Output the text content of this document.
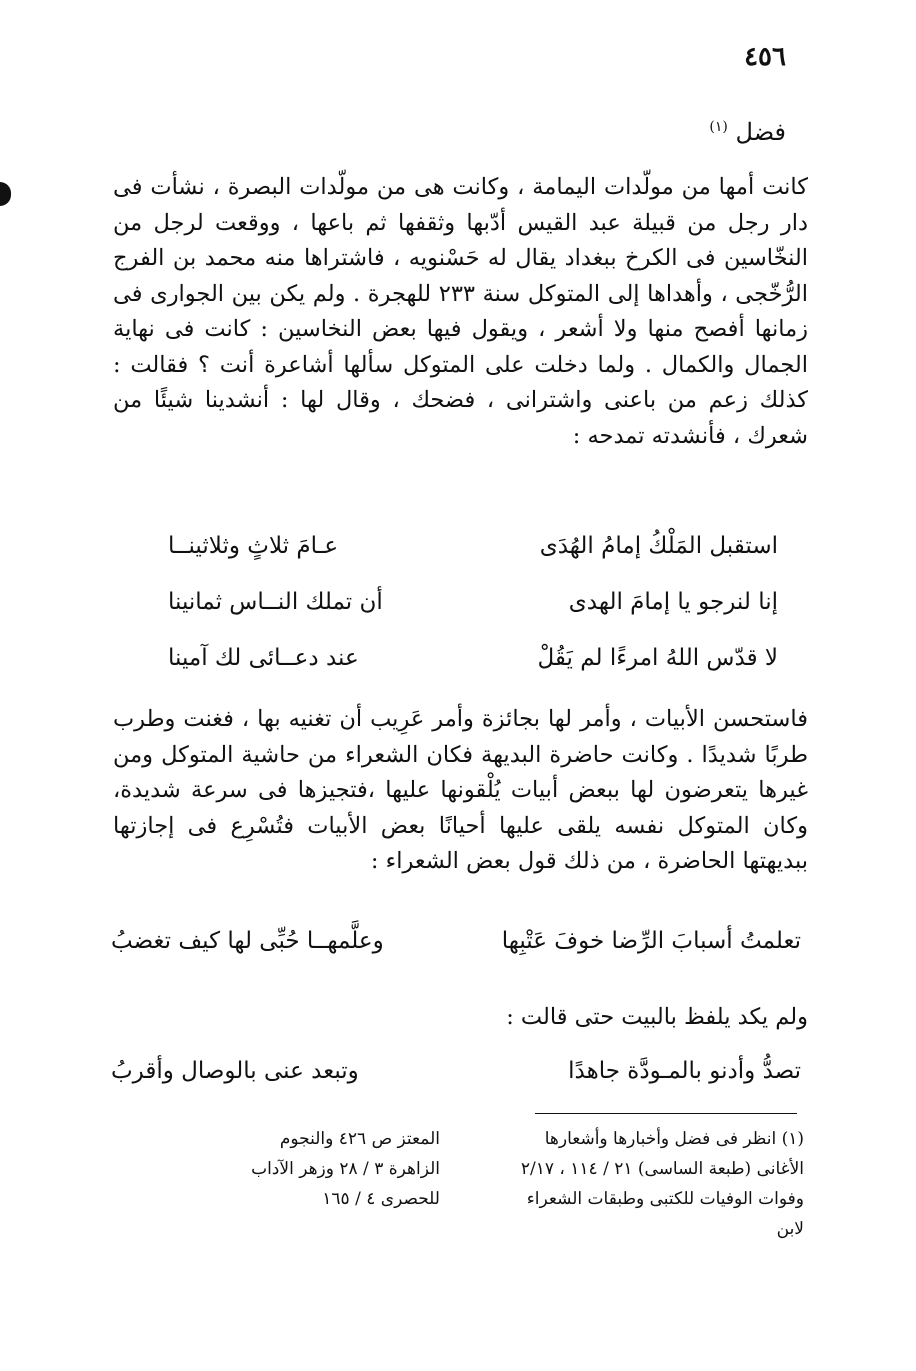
٤٥٦
فضل $^{(١)}$

كانت أمها من مولّدات اليمامة ، وكانت هى من مولّدات البصرة ، نشأت فى دار رجل من قبيلة عبد القيس أدّبها وثقفها ثم باعها ، ووقعت لرجل من النخّاسين فى الكرخ ببغداد يقال له حَسْنويه ، فاشتراها منه محمد بن الفرج الرُّخّجى ، وأهداها إلى المتوكل سنة ٢٣٣ للهجرة . ولم يكن بين الجوارى فى زمانها أفصح منها ولا أشعر ، ويقول فيها بعض النخاسين : كانت فى نهاية الجمال والكمال . ولما دخلت على المتوكل سألها أشاعرة أنت ؟ فقالت : كذلك زعم من باعنى واشترانى ، فضحك ، وقال لها : أنشدينا شيئًا من شعرك ، فأنشدته تمدحه :

استقبل المَلْكُ إمامُ الهُدَى
عـامَ ثلاثٍ وثلاثينــا
إنا لنرجو يا إمامَ الهدى
أن تملك النــاس ثمانينا
لا قدّس اللهُ امرءًا لم يَقُلْ
عند دعــائى لك آمينا

فاستحسن الأبيات ، وأمر لها بجائزة وأمر عَرِيب أن تغنيه بها ، فغنت وطرب طربًا شديدًا . وكانت حاضرة البديهة فكان الشعراء من حاشية المتوكل ومن غيرها يتعرضون لها ببعض أبيات يُلْقونها عليها ،فتجيزها فى سرعة شديدة، وكان المتوكل نفسه يلقى عليها أحيانًا بعض الأبيات فتُسْرِع فى إجازتها ببديهتها الحاضرة ، من ذلك قول بعض الشعراء :

تعلمتُ أسبابَ الرِّضا خوفَ عَتْبِها
وعلَّمهــا حُبِّى لها كيف تغضبُ

ولم يكد يلفظ بالبيت حتى قالت :

تصدُّ وأدنو بالمـودَّة جاهدًا
وتبعد عنى بالوصال وأقربُ
(١) انظر فى فضل وأخبارها وأشعارها الأغانى (طبعة الساسى) ٢١ / ١١٤ ، ٢/١٧ وفوات الوفيات للكتبى وطبقات الشعراء لابن
المعتز ص ٤٢٦ والنجوم الزاهرة ٣ / ٢٨ وزهر الآداب للحصرى ٤ / ١٦٥
